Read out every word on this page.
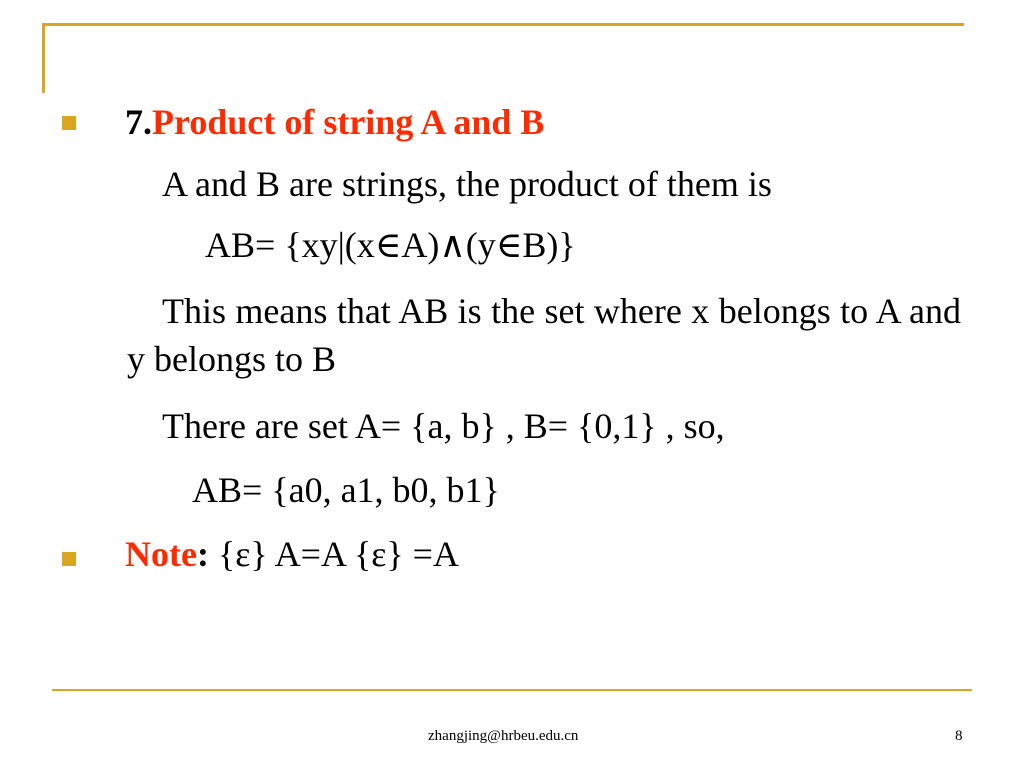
7.Product of string A and B
A and B are strings, the product of them is
AB= {xy|(x∈A)∧(y∈B)}
This means that AB is the set where x belongs to A and y belongs to B
There are set A= {a, b} , B= {0,1} , so,
AB= {a0, a1, b0, b1}
Note: {ε} A=A {ε} =A
zhangjing@hrbeu.edu.cn	8
